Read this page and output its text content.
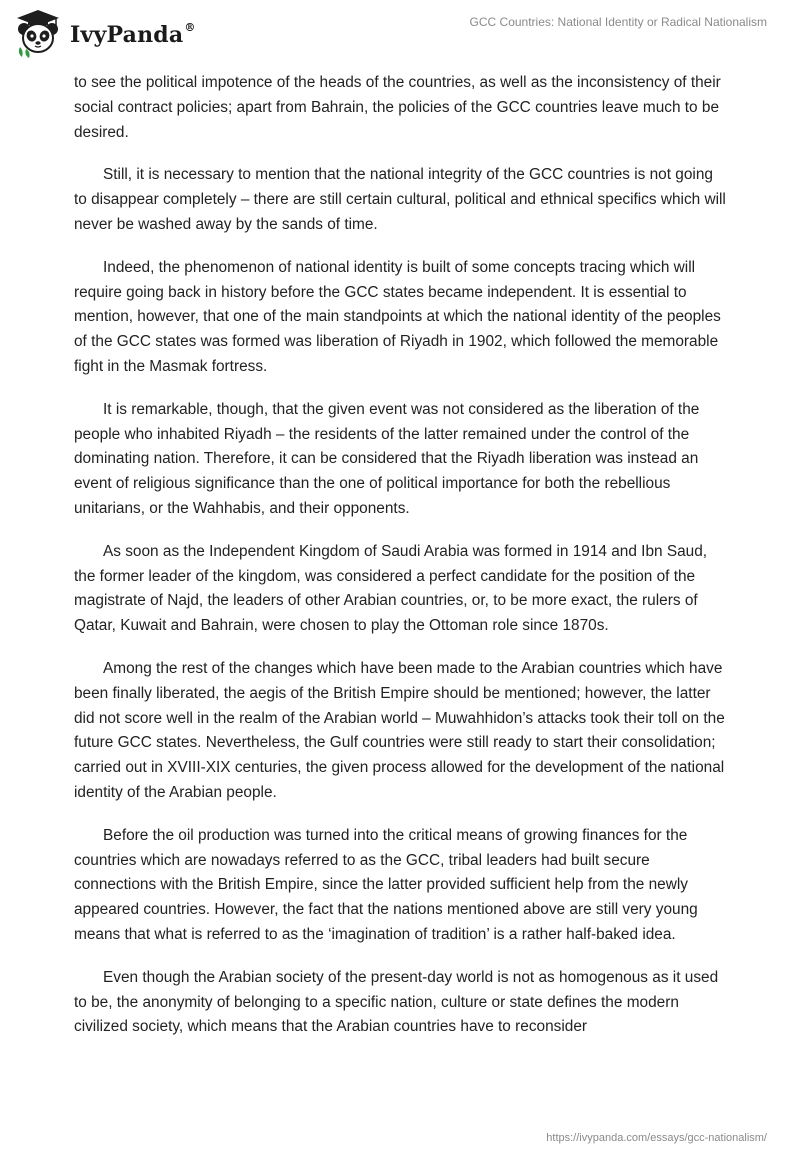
IvyPanda®	GCC Countries: National Identity or Radical Nationalism

to see the political impotence of the heads of the countries, as well as the inconsistency of their social contract policies; apart from Bahrain, the policies of the GCC countries leave much to be desired.

Still, it is necessary to mention that the national integrity of the GCC countries is not going to disappear completely – there are still certain cultural, political and ethnical specifics which will never be washed away by the sands of time.

Indeed, the phenomenon of national identity is built of some concepts tracing which will require going back in history before the GCC states became independent. It is essential to mention, however, that one of the main standpoints at which the national identity of the peoples of the GCC states was formed was liberation of Riyadh in 1902, which followed the memorable fight in the Masmak fortress.

It is remarkable, though, that the given event was not considered as the liberation of the people who inhabited Riyadh – the residents of the latter remained under the control of the dominating nation. Therefore, it can be considered that the Riyadh liberation was instead an event of religious significance than the one of political importance for both the rebellious unitarians, or the Wahhabis, and their opponents.

As soon as the Independent Kingdom of Saudi Arabia was formed in 1914 and Ibn Saud, the former leader of the kingdom, was considered a perfect candidate for the position of the magistrate of Najd, the leaders of other Arabian countries, or, to be more exact, the rulers of Qatar, Kuwait and Bahrain, were chosen to play the Ottoman role since 1870s.

Among the rest of the changes which have been made to the Arabian countries which have been finally liberated, the aegis of the British Empire should be mentioned; however, the latter did not score well in the realm of the Arabian world – Muwahhidon’s attacks took their toll on the future GCC states. Nevertheless, the Gulf countries were still ready to start their consolidation; carried out in XVIII-XIX centuries, the given process allowed for the development of the national identity of the Arabian people.

Before the oil production was turned into the critical means of growing finances for the countries which are nowadays referred to as the GCC, tribal leaders had built secure connections with the British Empire, since the latter provided sufficient help from the newly appeared countries. However, the fact that the nations mentioned above are still very young means that what is referred to as the ‘imagination of tradition’ is a rather half-baked idea.

Even though the Arabian society of the present-day world is not as homogenous as it used to be, the anonymity of belonging to a specific nation, culture or state defines the modern civilized society, which means that the Arabian countries have to reconsider

https://ivypanda.com/essays/gcc-nationalism/
